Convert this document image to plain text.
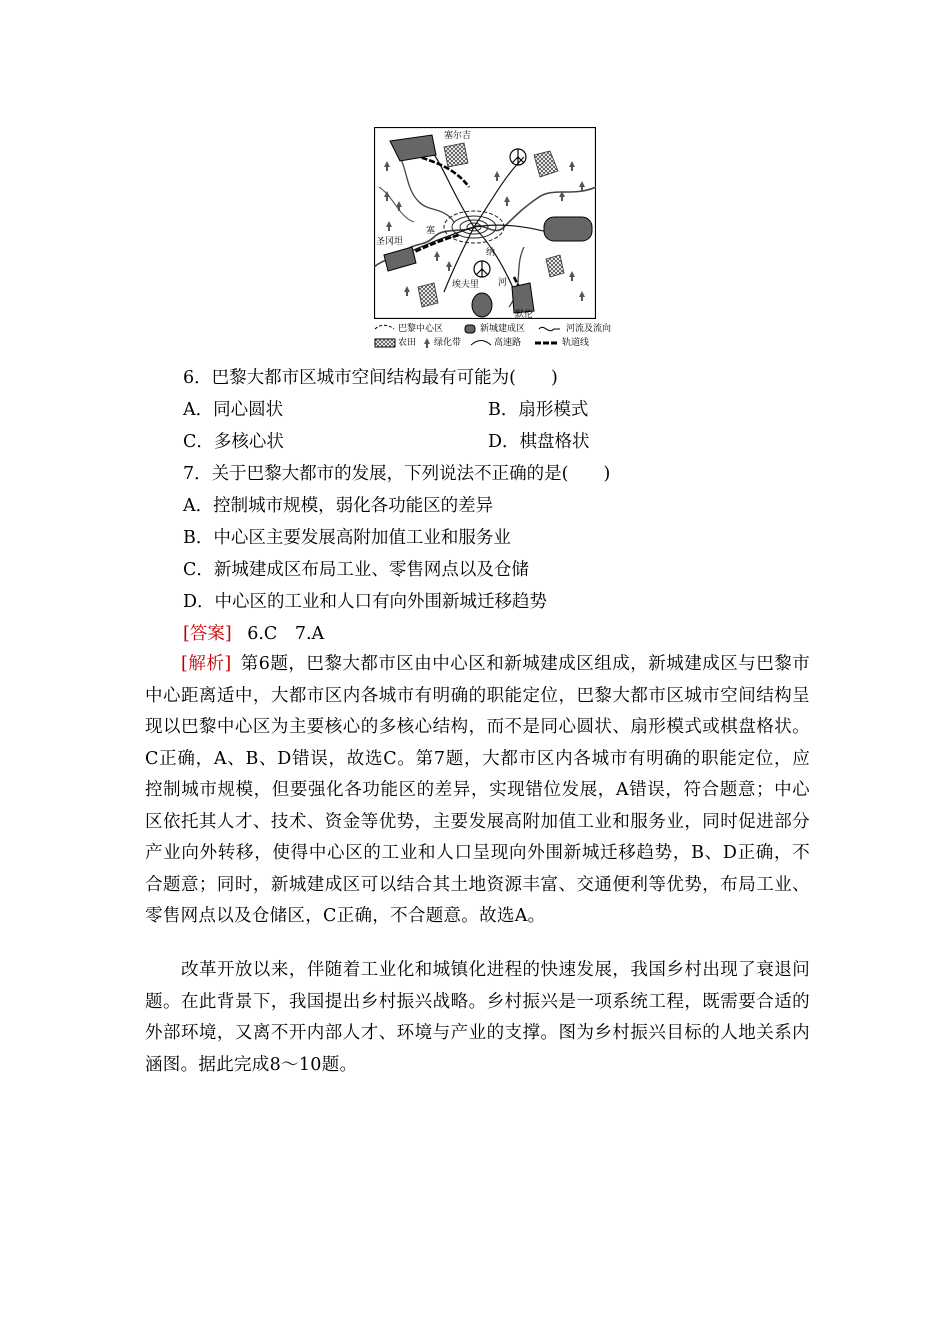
塞尔吉
圣冈坦
塞
纳
河
埃夫里
默伦
巴黎中心区	新城建成区	河流及流向
农田 绿化带	高速路	轨道线
6．巴黎大都市区城市空间结构最有可能为(　　)
A．同心圆状	B．扇形模式
C．多核心状	D．棋盘格状
7．关于巴黎大都市的发展，下列说法不正确的是(　　)
A．控制城市规模，弱化各功能区的差异
B．中心区主要发展高附加值工业和服务业
C．新城建成区布局工业、零售网点以及仓储
D．中心区的工业和人口有向外围新城迁移趋势
[答案] 6.C　7.A
[解析]  第6题，巴黎大都市区由中心区和新城建成区组成，新城建成区与巴黎市中心距离适中，大都市区内各城市有明确的职能定位，巴黎大都市区城市空间结构呈现以巴黎中心区为主要核心的多核心结构，而不是同心圆状、扇形模式或棋盘格状。C正确，A、B、D错误，故选C。第7题，大都市区内各城市有明确的职能定位，应控制城市规模，但要强化各功能区的差异，实现错位发展，A错误，符合题意；中心区依托其人才、技术、资金等优势，主要发展高附加值工业和服务业，同时促进部分产业向外转移，使得中心区的工业和人口呈现向外围新城迁移趋势，B、D正确，不合题意；同时，新城建成区可以结合其土地资源丰富、交通便利等优势，布局工业、零售网点以及仓储区，C正确，不合题意。故选A。
改革开放以来，伴随着工业化和城镇化进程的快速发展，我国乡村出现了衰退问题。在此背景下，我国提出乡村振兴战略。乡村振兴是一项系统工程，既需要合适的外部环境，又离不开内部人才、环境与产业的支撑。图为乡村振兴目标的人地关系内涵图。据此完成8～10题。
